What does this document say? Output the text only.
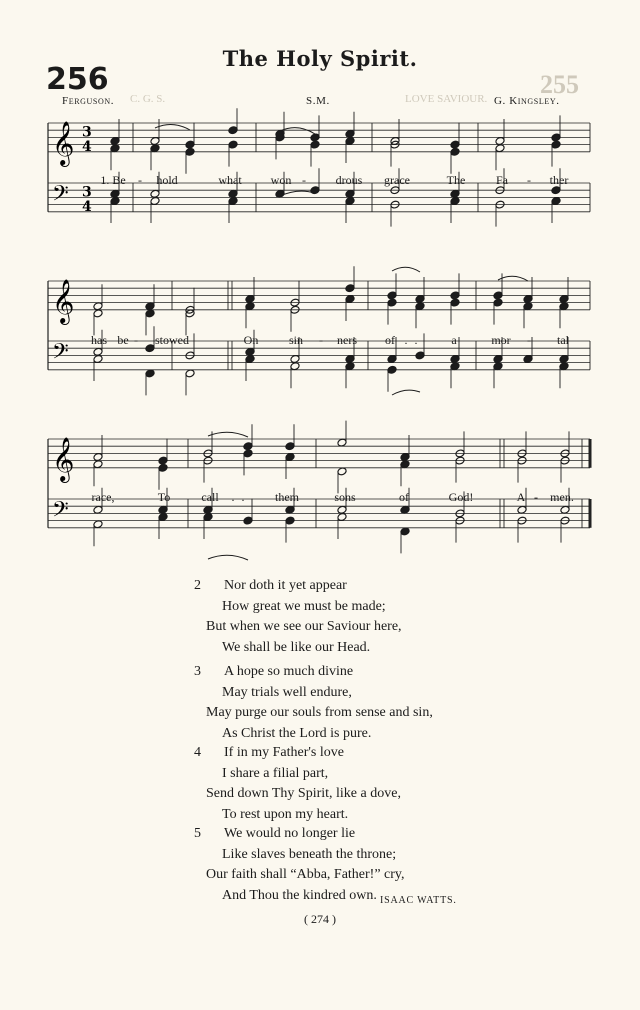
255
C. G. S.	LOVE SAVIOUR.
The Holy Spirit.
256
Ferguson.	S.M.	G. Kingsley.
𝄞
𝄢
𝄞
𝄢
𝄞
𝄢
3
4
3
4
1. Be - hold	what won - drous grace	The	Fa - ther
has be - stowed	On	sin - ners of . .	a	mor - tal
race,	To	call . .	them	sons	of	God!	A - men.
2	Nor doth it yet appear
How great we must be made;
But when we see our Saviour here,
We shall be like our Head.
3	A hope so much divine
May trials well endure,
May purge our souls from sense and sin,
As Christ the Lord is pure.
4	If in my Father's love
I share a filial part,
Send down Thy Spirit, like a dove,
To rest upon my heart.
5	We would no longer lie
Like slaves beneath the throne;
Our faith shall “Abba, Father!” cry,
And Thou the kindred own. ISAAC WATTS.
( 274 )
